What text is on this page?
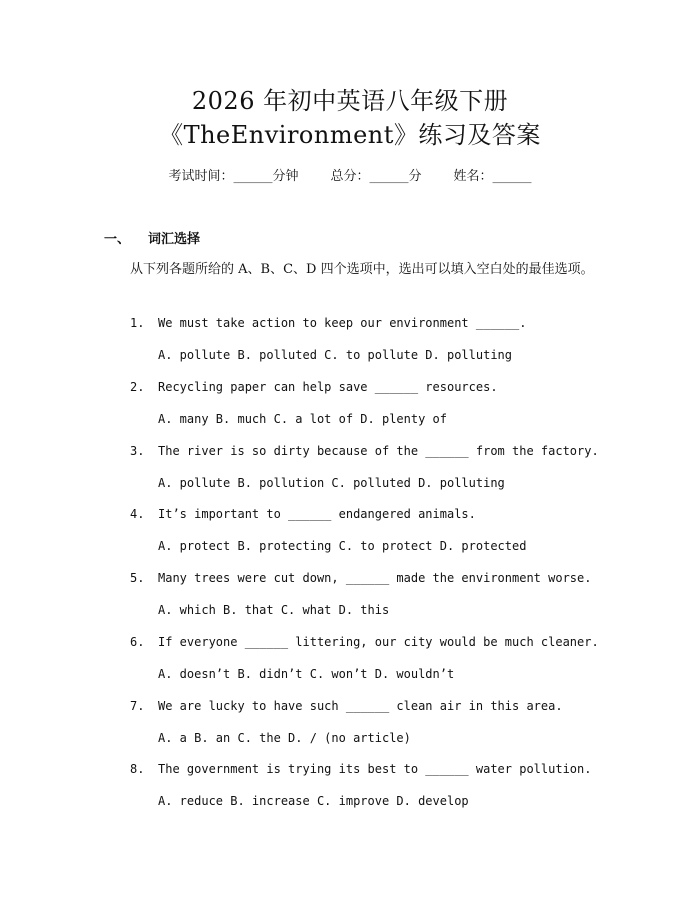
2026 年初中英语八年级下册
《TheEnvironment》练习及答案
考试时间：______分钟 总分：______分 姓名：______
一、 词汇选择
从下列各题所给的 A、B、C、D 四个选项中，选出可以填入空白处的最佳选项。
1. We must take action to keep our environment ______.
A. pollute B. polluted C. to pollute D. polluting
2. Recycling paper can help save ______ resources.
A. many B. much C. a lot of D. plenty of
3. The river is so dirty because of the ______ from the factory.
A. pollute B. pollution C. polluted D. polluting
4. It’s important to ______ endangered animals.
A. protect B. protecting C. to protect D. protected
5. Many trees were cut down, ______ made the environment worse.
A. which B. that C. what D. this
6. If everyone ______ littering, our city would be much cleaner.
A. doesn’t B. didn’t C. won’t D. wouldn’t
7. We are lucky to have such ______ clean air in this area.
A. a B. an C. the D. / (no article)
8. The government is trying its best to ______ water pollution.
A. reduce B. increase C. improve D. develop
